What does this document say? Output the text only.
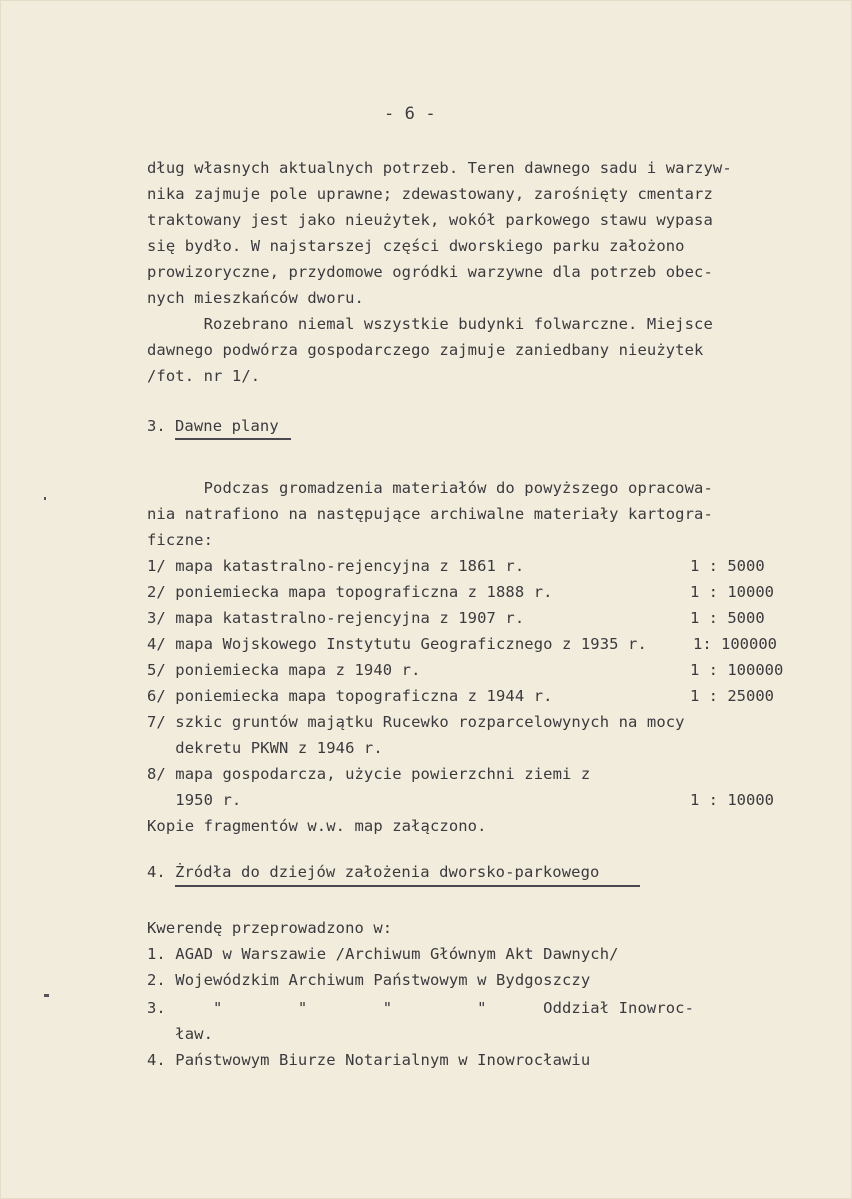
- 6 -
dług własnych aktualnych potrzeb. Teren dawnego sadu i warzyw-
nika zajmuje pole uprawne; zdewastowany, zarośnięty cmentarz
traktowany jest jako nieużytek, wokół parkowego stawu wypasa
się bydło. W najstarszej części dworskiego parku założono
prowizoryczne, przydomowe ogródki warzywne dla potrzeb obec-
nych mieszkańców dworu.
Rozebrano niemal wszystkie budynki folwarczne. Miejsce
dawnego podwórza gospodarczego zajmuje zaniedbany nieużytek
/fot. nr 1/.
3. Dawne plany
Podczas gromadzenia materiałów do powyższego opracowa-
nia natrafiono na następujące archiwalne materiały kartogra-
ficzne:
1/ mapa katastralno-rejencyjna z 1861 r.	1 : 5000
2/ poniemiecka mapa topograficzna z 1888 r.	1 : 10000
3/ mapa katastralno-rejencyjna z 1907 r.	1 : 5000
4/ mapa Wojskowego Instytutu Geograficznego z 1935 r.	1: 100000
5/ poniemiecka mapa z 1940 r.	1 : 100000
6/ poniemiecka mapa topograficzna z 1944 r.	1 : 25000
7/ szkic gruntów majątku Rucewko rozparcelowynych na mocy
dekretu PKWN z 1946 r.
8/ mapa gospodarcza, użycie powierzchni ziemi z
1950 r.	1 : 10000
Kopie fragmentów w.w. map załączono.
4. Żródła do dziejów założenia dworsko-parkowego
Kwerendę przeprowadzono w:
1. AGAD w Warszawie /Archiwum Głównym Akt Dawnych/
2. Wojewódzkim Archiwum Państwowym w Bydgoszczy
3.     "        "        "         "      Oddział Inowroc-
ław.
4. Państwowym Biurze Notarialnym w Inowrocławiu
